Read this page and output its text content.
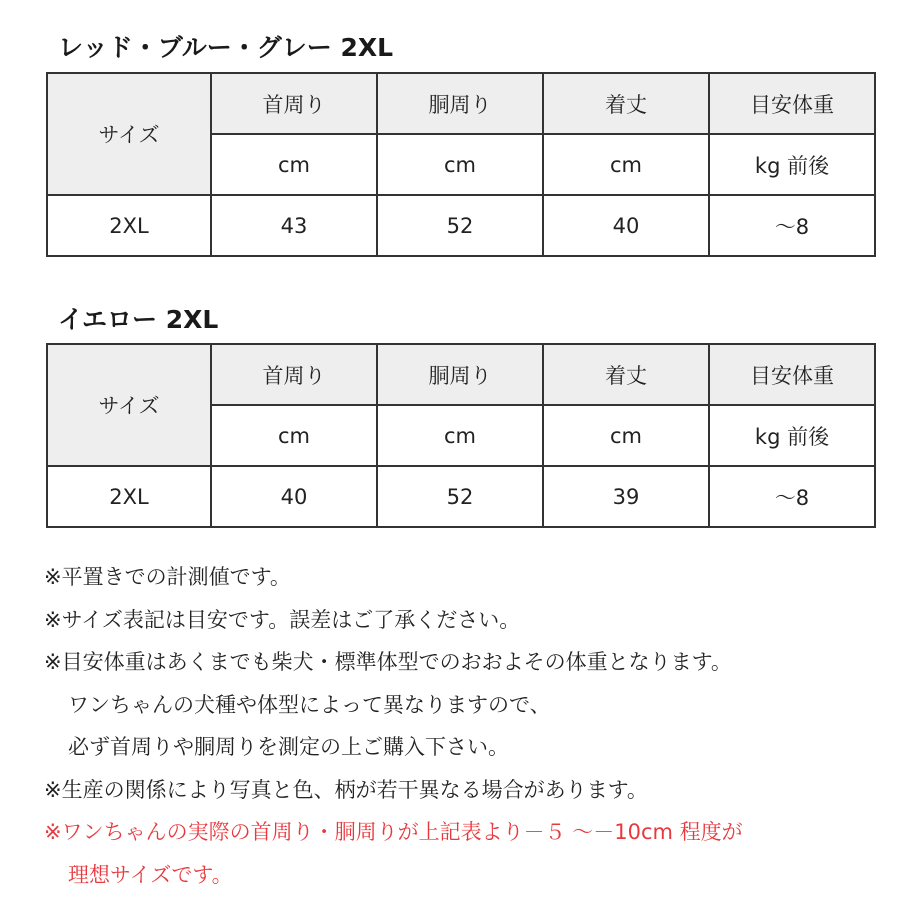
レッド・ブルー・グレー 2XL
サイズ	首周り	胴周り	着丈	目安体重
	cm	cm	cm	kg 前後
2XL	43	52	40	～8
イエロー 2XL
サイズ	首周り	胴周り	着丈	目安体重
	cm	cm	cm	kg 前後
2XL	40	52	39	～8
※平置きでの計測値です。
※サイズ表記は目安です。誤差はご了承ください。
※目安体重はあくまでも柴犬・標準体型でのおおよその体重となります。
ワンちゃんの犬種や体型によって異なりますので、
必ず首周りや胴周りを測定の上ご購入下さい。
※生産の関係により写真と色、柄が若干異なる場合があります。
※ワンちゃんの実際の首周り・胴周りが上記表より－５ ～－10cm 程度が
理想サイズです。
